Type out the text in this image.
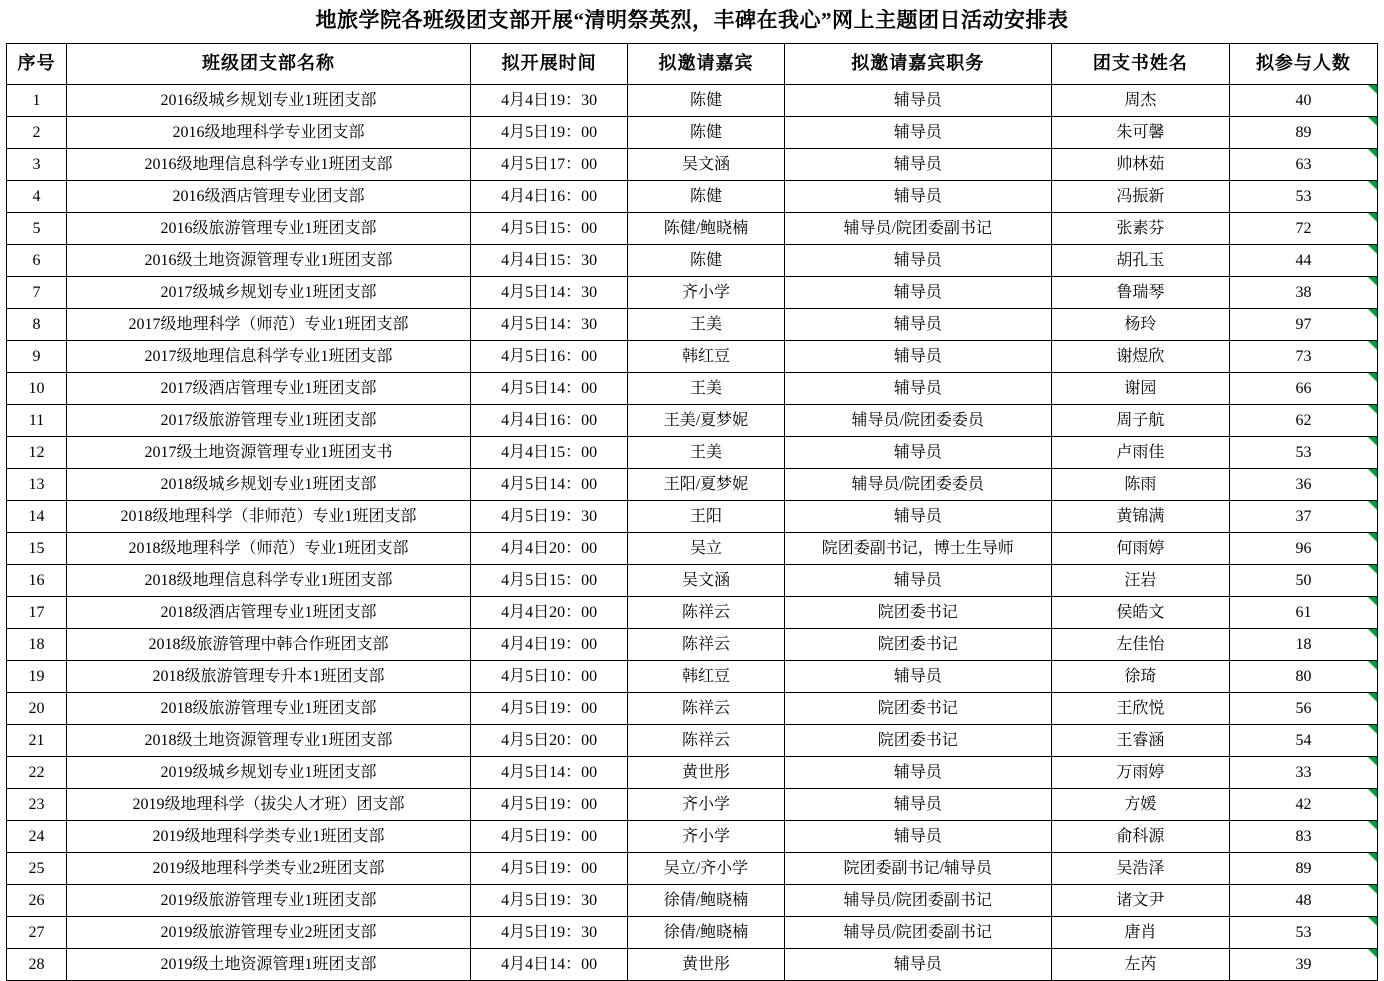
地旅学院各班级团支部开展“清明祭英烈，丰碑在我心”网上主题团日活动安排表
序号	班级团支部名称	拟开展时间	拟邀请嘉宾	拟邀请嘉宾职务	团支书姓名	拟参与人数
1	2016级城乡规划专业1班团支部	4月4日19：30	陈健	辅导员	周杰	40
2	2016级地理科学专业团支部	4月5日19：00	陈健	辅导员	朱可馨	89
3	2016级地理信息科学专业1班团支部	4月5日17：00	吴文涵	辅导员	帅林茹	63
4	2016级酒店管理专业团支部	4月4日16：00	陈健	辅导员	冯振新	53
5	2016级旅游管理专业1班团支部	4月5日15：00	陈健/鲍晓楠	辅导员/院团委副书记	张素芬	72
6	2016级土地资源管理专业1班团支部	4月4日15：30	陈健	辅导员	胡孔玉	44
7	2017级城乡规划专业1班团支部	4月5日14：30	齐小学	辅导员	鲁瑞琴	38
8	2017级地理科学（师范）专业1班团支部	4月5日14：30	王美	辅导员	杨玲	97
9	2017级地理信息科学专业1班团支部	4月5日16：00	韩红豆	辅导员	谢煜欣	73
10	2017级酒店管理专业1班团支部	4月5日14：00	王美	辅导员	谢园	66
11	2017级旅游管理专业1班团支部	4月4日16：00	王美/夏梦妮	辅导员/院团委委员	周子航	62
12	2017级土地资源管理专业1班团支书	4月4日15：00	王美	辅导员	卢雨佳	53
13	2018级城乡规划专业1班团支部	4月5日14：00	王阳/夏梦妮	辅导员/院团委委员	陈雨	36
14	2018级地理科学（非师范）专业1班团支部	4月5日19：30	王阳	辅导员	黄锦满	37
15	2018级地理科学（师范）专业1班团支部	4月4日20：00	吴立	院团委副书记，博士生导师	何雨婷	96
16	2018级地理信息科学专业1班团支部	4月5日15：00	吴文涵	辅导员	汪岩	50
17	2018级酒店管理专业1班团支部	4月4日20：00	陈祥云	院团委书记	侯皓文	61
18	2018级旅游管理中韩合作班团支部	4月4日19：00	陈祥云	院团委书记	左佳怡	18
19	2018级旅游管理专升本1班团支部	4月5日10：00	韩红豆	辅导员	徐琦	80
20	2018级旅游管理专业1班团支部	4月5日19：00	陈祥云	院团委书记	王欣悦	56
21	2018级土地资源管理专业1班团支部	4月5日20：00	陈祥云	院团委书记	王睿涵	54
22	2019级城乡规划专业1班团支部	4月5日14：00	黄世彤	辅导员	万雨婷	33
23	2019级地理科学（拔尖人才班）团支部	4月5日19：00	齐小学	辅导员	方媛	42
24	2019级地理科学类专业1班团支部	4月5日19：00	齐小学	辅导员	俞科源	83
25	2019级地理科学类专业2班团支部	4月5日19：00	吴立/齐小学	院团委副书记/辅导员	吴浩泽	89
26	2019级旅游管理专业1班团支部	4月5日19：30	徐倩/鲍晓楠	辅导员/院团委副书记	诸文尹	48
27	2019级旅游管理专业2班团支部	4月5日19：30	徐倩/鲍晓楠	辅导员/院团委副书记	唐肖	53
28	2019级土地资源管理1班团支部	4月4日14：00	黄世彤	辅导员	左芮	39
